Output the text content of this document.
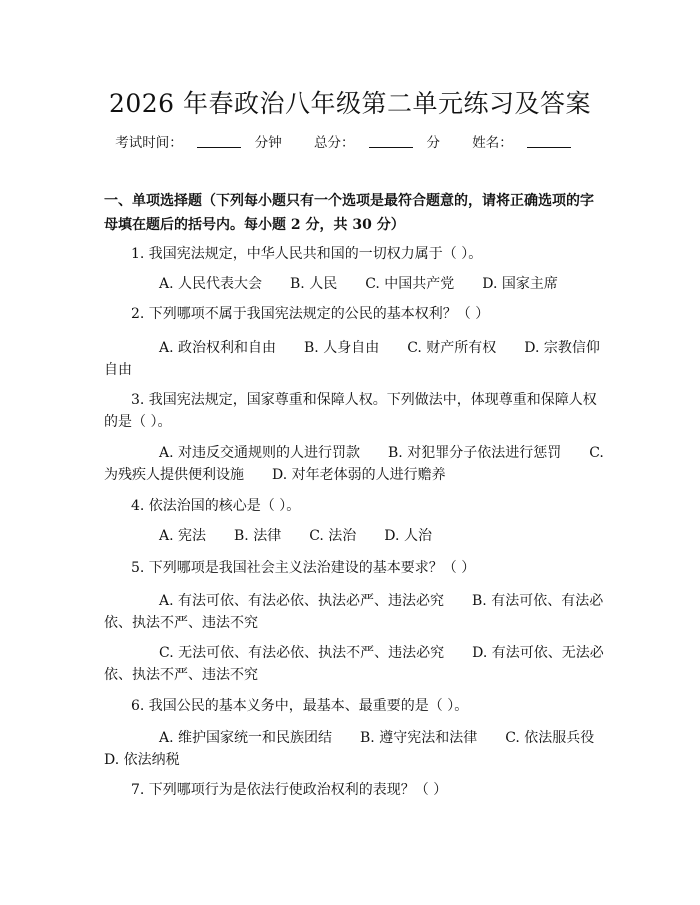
2026 年春政治八年级第二单元练习及答案
考试时间：	分钟 总分：	分 姓名：
一、单项选择题（下列每小题只有一个选项是最符合题意的，请将正确选项的字母填在题后的括号内。每小题 2 分，共 30 分）
1. 我国宪法规定，中华人民共和国的一切权力属于（ ）。
A. 人民代表大会　　B. 人民　　C. 中国共产党　　D. 国家主席
2. 下列哪项不属于我国宪法规定的公民的基本权利？（ ）
A. 政治权利和自由　　B. 人身自由　　C. 财产所有权　　D. 宗教信仰
自由
3. 我国宪法规定，国家尊重和保障人权。下列做法中，体现尊重和保障人权
的是（ ）。
A. 对违反交通规则的人进行罚款　　B. 对犯罪分子依法进行惩罚　　C.
为残疾人提供便利设施　　D. 对年老体弱的人进行赡养
4. 依法治国的核心是（ ）。
A. 宪法　　B. 法律　　C. 法治　　D. 人治
5. 下列哪项是我国社会主义法治建设的基本要求？（ ）
A. 有法可依、有法必依、执法必严、违法必究　　B. 有法可依、有法必
依、执法不严、违法不究
C. 无法可依、有法必依、执法不严、违法必究　　D. 有法可依、无法必
依、执法不严、违法不究
6. 我国公民的基本义务中，最基本、最重要的是（ ）。
A. 维护国家统一和民族团结　　B. 遵守宪法和法律　　C. 依法服兵役
D. 依法纳税
7. 下列哪项行为是依法行使政治权利的表现？（ ）
